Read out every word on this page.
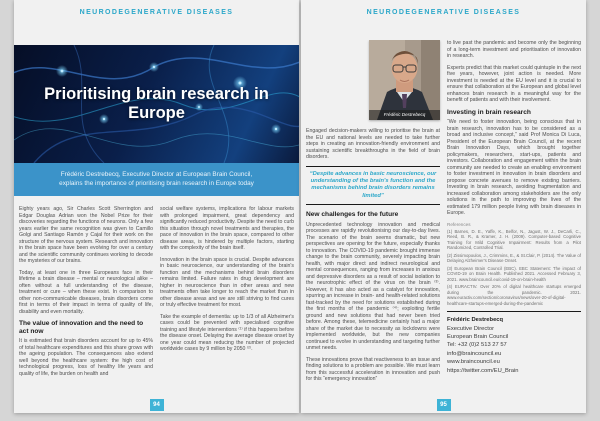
NEURODEGENERATIVE DISEASES
Prioritising brain research in Europe
Frédéric Destrebecq, Executive Director at European Brain Council,
explains the importance of prioritising brain research in Europe today

Eighty years ago, Sir Charles Scott Sherrington and Edgar Douglas Adrian won the Nobel Prize for their discoveries regarding the functions of neurons. Only a few years earlier the same recognition was given to Camillo Golgi and Santiago Ramón y Cajal for their work on the structure of the nervous system. Research and innovation in the brain space have been evolving for over a century and the scientific community continues working to decode the mysteries of our brains.

Today, at least one in three Europeans face in their lifetime a brain disease – mental or neurological alike – often without a full understanding of the disease, treatment or cure – when these exist. In comparison to other non-communicable diseases, brain disorders come first in terms of their impact in terms of quality of life, disability and even mortality.

The value of innovation and the need to act now

It is estimated that brain disorders account for up to 45% of total healthcare expenditures and this share grows with the ageing population. The consequences also extend well beyond the healthcare system: the high cost of technological progress, loss of healthy life years and quality of life, the burden on health and

social welfare systems, implications for labour markets with prolonged impairment, great dependency and significantly reduced productivity. Despite the need to curb this situation through novel treatments and therapies, the pace of innovation in the brain space, compared to other disease areas, is hindered by multiple factors, starting with the complexity of the brain itself.

Innovation in the brain space is crucial. Despite advances in basic neuroscience, our understanding of the brain's function and the mechanisms behind brain disorders remains limited. Failure rates in drug development are higher in neuroscience than in other areas and new treatments often take longer to reach the market than in other disease areas and we are still striving to find cures or truly effective treatment for most.

Take the example of dementia: up to 1/3 of all Alzheimer's cases could be prevented with specialised cognitive training and lifestyle interventions ⁽¹⁾ if this happens before the disease onset. Delaying the average disease onset by one year could mean reducing the number of projected worldwide cases by 9 million by 2050 ⁽²⁾.

94
NEURODEGENERATIVE DISEASES
Frédéric Destrebecq

Engaged decision-makers willing to prioritise the brain at the EU and national levels are needed to take further steps in creating an innovation-friendly environment and sustaining scientific breakthroughs in the field of brain disorders.

“Despite advances in basic neuroscience, our understanding of the brain's function and the mechanisms behind brain disorders remains limited”
New challenges for the future

Unprecedented technology innovation and medical processes are rapidly revolutionising our day-to-day lives. The scenario of the brain seems dramatic, but new perspectives are opening for the future, especially thanks to innovation. The COVID-19 pandemic brought immense change to the brain community, severely impacting brain health, with major direct and indirect neurological and mental consequences, ranging from increases in anxious and depressive disorders as a result of social isolation to the neurotrophic effect of the virus on the brain ⁽³⁾. However, it has also acted as a catalyst for innovation, spurring an increase in brain- and health-related solutions fast-tracked by the need for solutions established during the first months of the pandemic ⁽⁴⁾; exploiting fertile ground and new solutions that had never been tried before. Among these, telemedicine certainly had a major share of the market due to necessity as lockdowns were implemented worldwide, but the new companies continued to evolve in understanding and targeting further unmet needs.

These innovations prove that reactiveness to an issue and finding solutions to a problem are possible. We must learn from this successful acceleration in innovation and push for this “emergency innovation”

to live past the pandemic and become only the beginning of a long-term investment and prioritisation of innovation in research.

Experts predict that this market could quintuple in the next five years, however, joint action is needed. More investment is needed at the EU level and it is crucial to ensure that collaboration at the European and global level enhances brain research in a meaningful way for the benefit of patients and with their involvement.

Investing in brain research

“We need to foster innovation, being conscious that in brain research, innovation has to be considered as a broad and inclusive concept,” said Prof Monica Di Luca, President of the European Brain Council, at the recent Brain Innovation Days, which brought together policymakers, researchers, start-ups, patients and investors. Collaboration and engagement within the brain community are needed to create an enabling environment to foster investment in innovation in brain disorders and propose concrete avenues to remove existing barriers. Investing in brain research, avoiding fragmentation and increased collaboration among stakeholders are the only solutions in the path to improving the lives of the estimated 179 million people living with brain diseases in Europe.

References
(1) Barnes, D. E., Yaffe, K., Belfor, N., Jagust, W. J., DeCarli, C., Reed, B. R., & Kramer, J. H. (2009). Computer-based Cognitive Training for Mild Cognitive Impairment: Results from a Pilot Randomized, Controlled Trial.
(2) Zissimopoulos, J., Crimmins, E., & St.Clair, P. (2014). The Value of Delaying Alzheimer's Disease Onset.
(3) European Brain Council (EBC). EBC Statement: The impact of COVID-19 on Brain Health. Published 2021. Accessed February 3, 2021. www.braincouncil.eu/covid-19-on-brain-health
(4) EURACTIV. Over 20% of digital healthcare startups emerged during the pandemic. 2021. www.euractiv.com/section/coronavirus/news/over-20-of-digital-healthcare-startups-emerged-during-the-pandemic
Frédéric Destrebecq
Executive Director
European Brain Council
Tel: +32 (0)2 513 27 57
info@braincouncil.eu
www.braincouncil.eu
https://twitter.com/EU_Brain
95
